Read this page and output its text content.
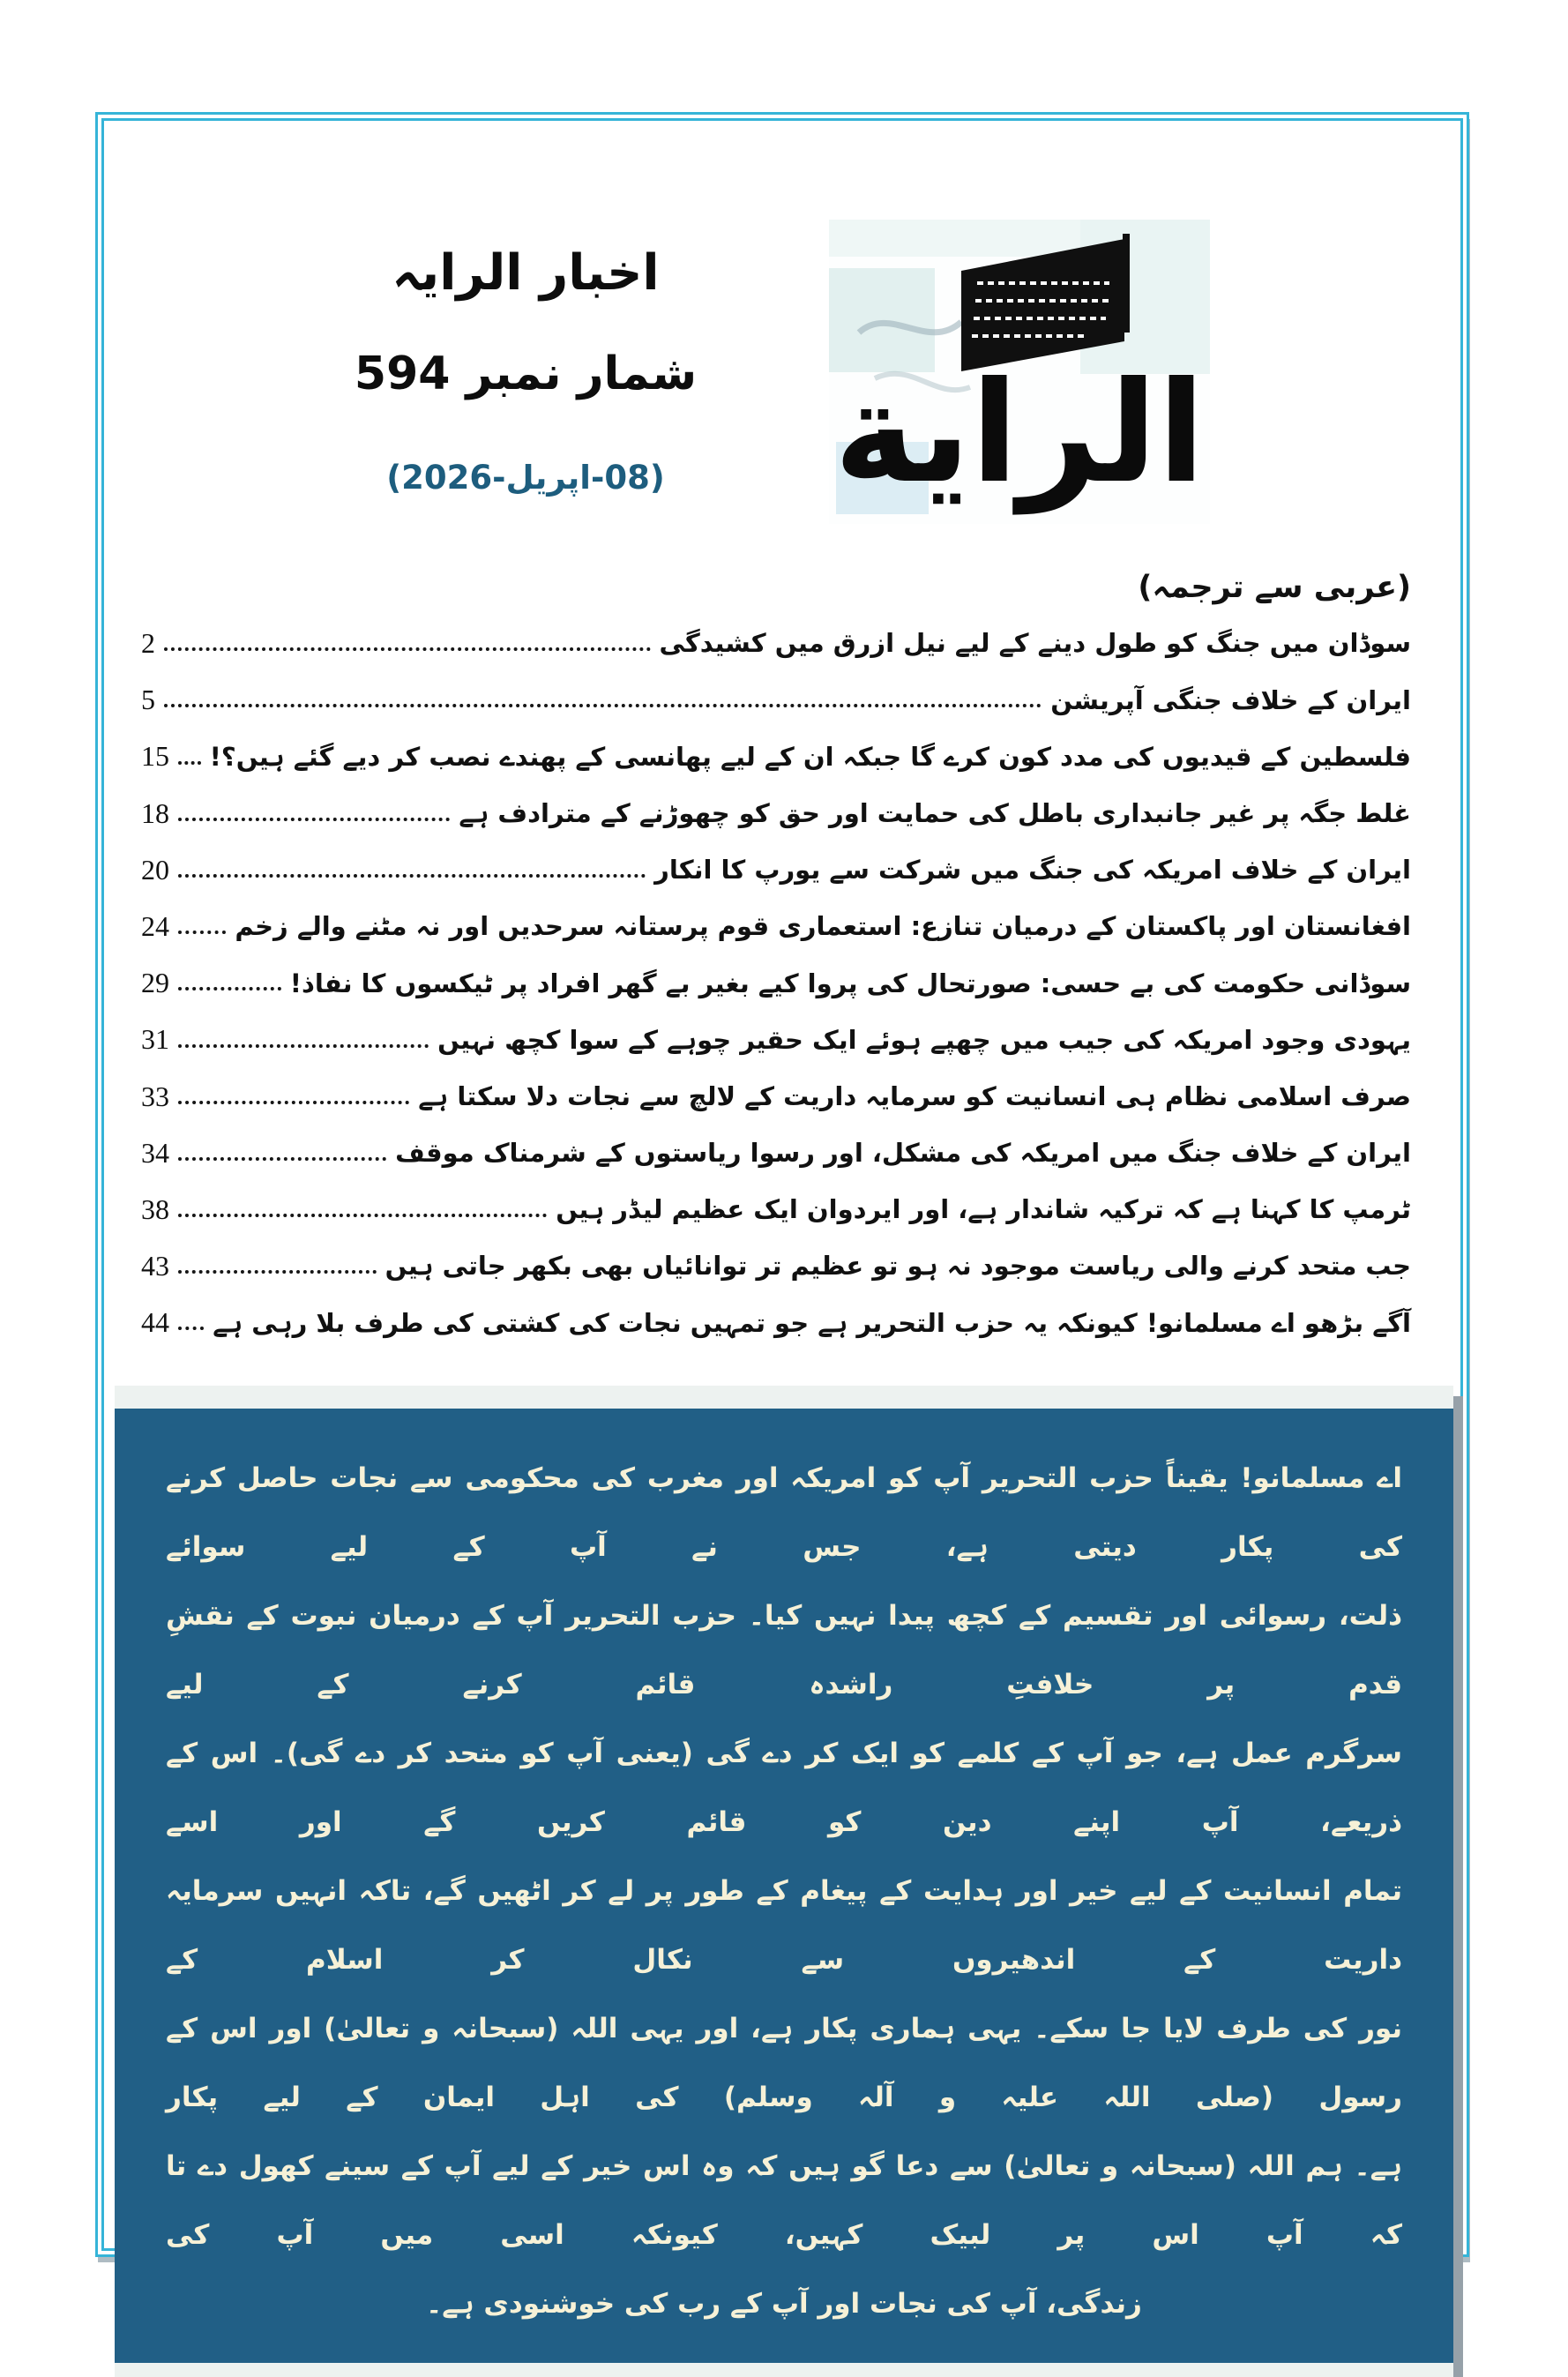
اخبار الرایہ
شمار نمبر 594
(08-اپریل-2026) الراية
(عربی سے ترجمہ)
سوڈان میں جنگ کو طول دینے کے لیے نیل ازرق میں کشیدگی
2
ایران کے خلاف جنگی آپریشن
5
فلسطین کے قیدیوں کی مدد کون کرے گا جبکہ ان کے لیے پھانسی کے پھندے نصب کر دیے گئے ہیں؟!
15
غلط جگہ پر غیر جانبداری باطل کی حمایت اور حق کو چھوڑنے کے مترادف ہے
18
ایران کے خلاف امریکہ کی جنگ میں شرکت سے یورپ کا انکار
20
افغانستان اور پاکستان کے درمیان تنازع: استعماری قوم پرستانہ سرحدیں اور نہ مٹنے والے زخم
24
سوڈانی حکومت کی بے حسی: صورتحال کی پروا کیے بغیر بے گھر افراد پر ٹیکسوں کا نفاذ!
29
یہودی وجود امریکہ کی جیب میں چھپے ہوئے ایک حقیر چوہے کے سوا کچھ نہیں
31
صرف اسلامی نظام ہی انسانیت کو سرمایہ داریت کے لالچ سے نجات دلا سکتا ہے
33
ایران کے خلاف جنگ میں امریکہ کی مشکل، اور رسوا ریاستوں کے شرمناک موقف
34
ٹرمپ کا کہنا ہے کہ ترکیہ شاندار ہے، اور ایردوان ایک عظیم لیڈر ہیں
38
جب متحد کرنے والی ریاست موجود نہ ہو تو عظیم تر توانائیاں بھی بکھر جاتی ہیں
43
آگے بڑھو اے مسلمانو! کیونکہ یہ حزب التحریر ہے جو تمہیں نجات کی کشتی کی طرف بلا رہی ہے
44
اے مسلمانو! یقیناً حزب التحریر آپ کو امریکہ اور مغرب کی محکومی سے نجات حاصل کرنے کی پکار دیتی ہے، جس نے آپ کے لیے سوائے
ذلت، رسوائی اور تقسیم کے کچھ پیدا نہیں کیا۔ حزب التحریر آپ کے درمیان نبوت کے نقشِ قدم پر خلافتِ راشدہ قائم کرنے کے لیے
سرگرم عمل ہے، جو آپ کے کلمے کو ایک کر دے گی (یعنی آپ کو متحد کر دے گی)۔ اس کے ذریعے، آپ اپنے دین کو قائم کریں گے اور اسے
تمام انسانیت کے لیے خیر اور ہدایت کے پیغام کے طور پر لے کر اٹھیں گے، تاکہ انہیں سرمایہ داریت کے اندھیروں سے نکال کر اسلام کے
نور کی طرف لایا جا سکے۔ یہی ہماری پکار ہے، اور یہی اللہ (سبحانہ و تعالیٰ) اور اس کے رسول (صلی اللہ علیہ و آلہ وسلم) کی اہل ایمان کے لیے پکار
ہے۔ ہم اللہ (سبحانہ و تعالیٰ) سے دعا گو ہیں کہ وہ اس خیر کے لیے آپ کے سینے کھول دے تا کہ آپ اس پر لبیک کہیں، کیونکہ اسی میں آپ کی
زندگی، آپ کی نجات اور آپ کے رب کی خوشنودی ہے۔
